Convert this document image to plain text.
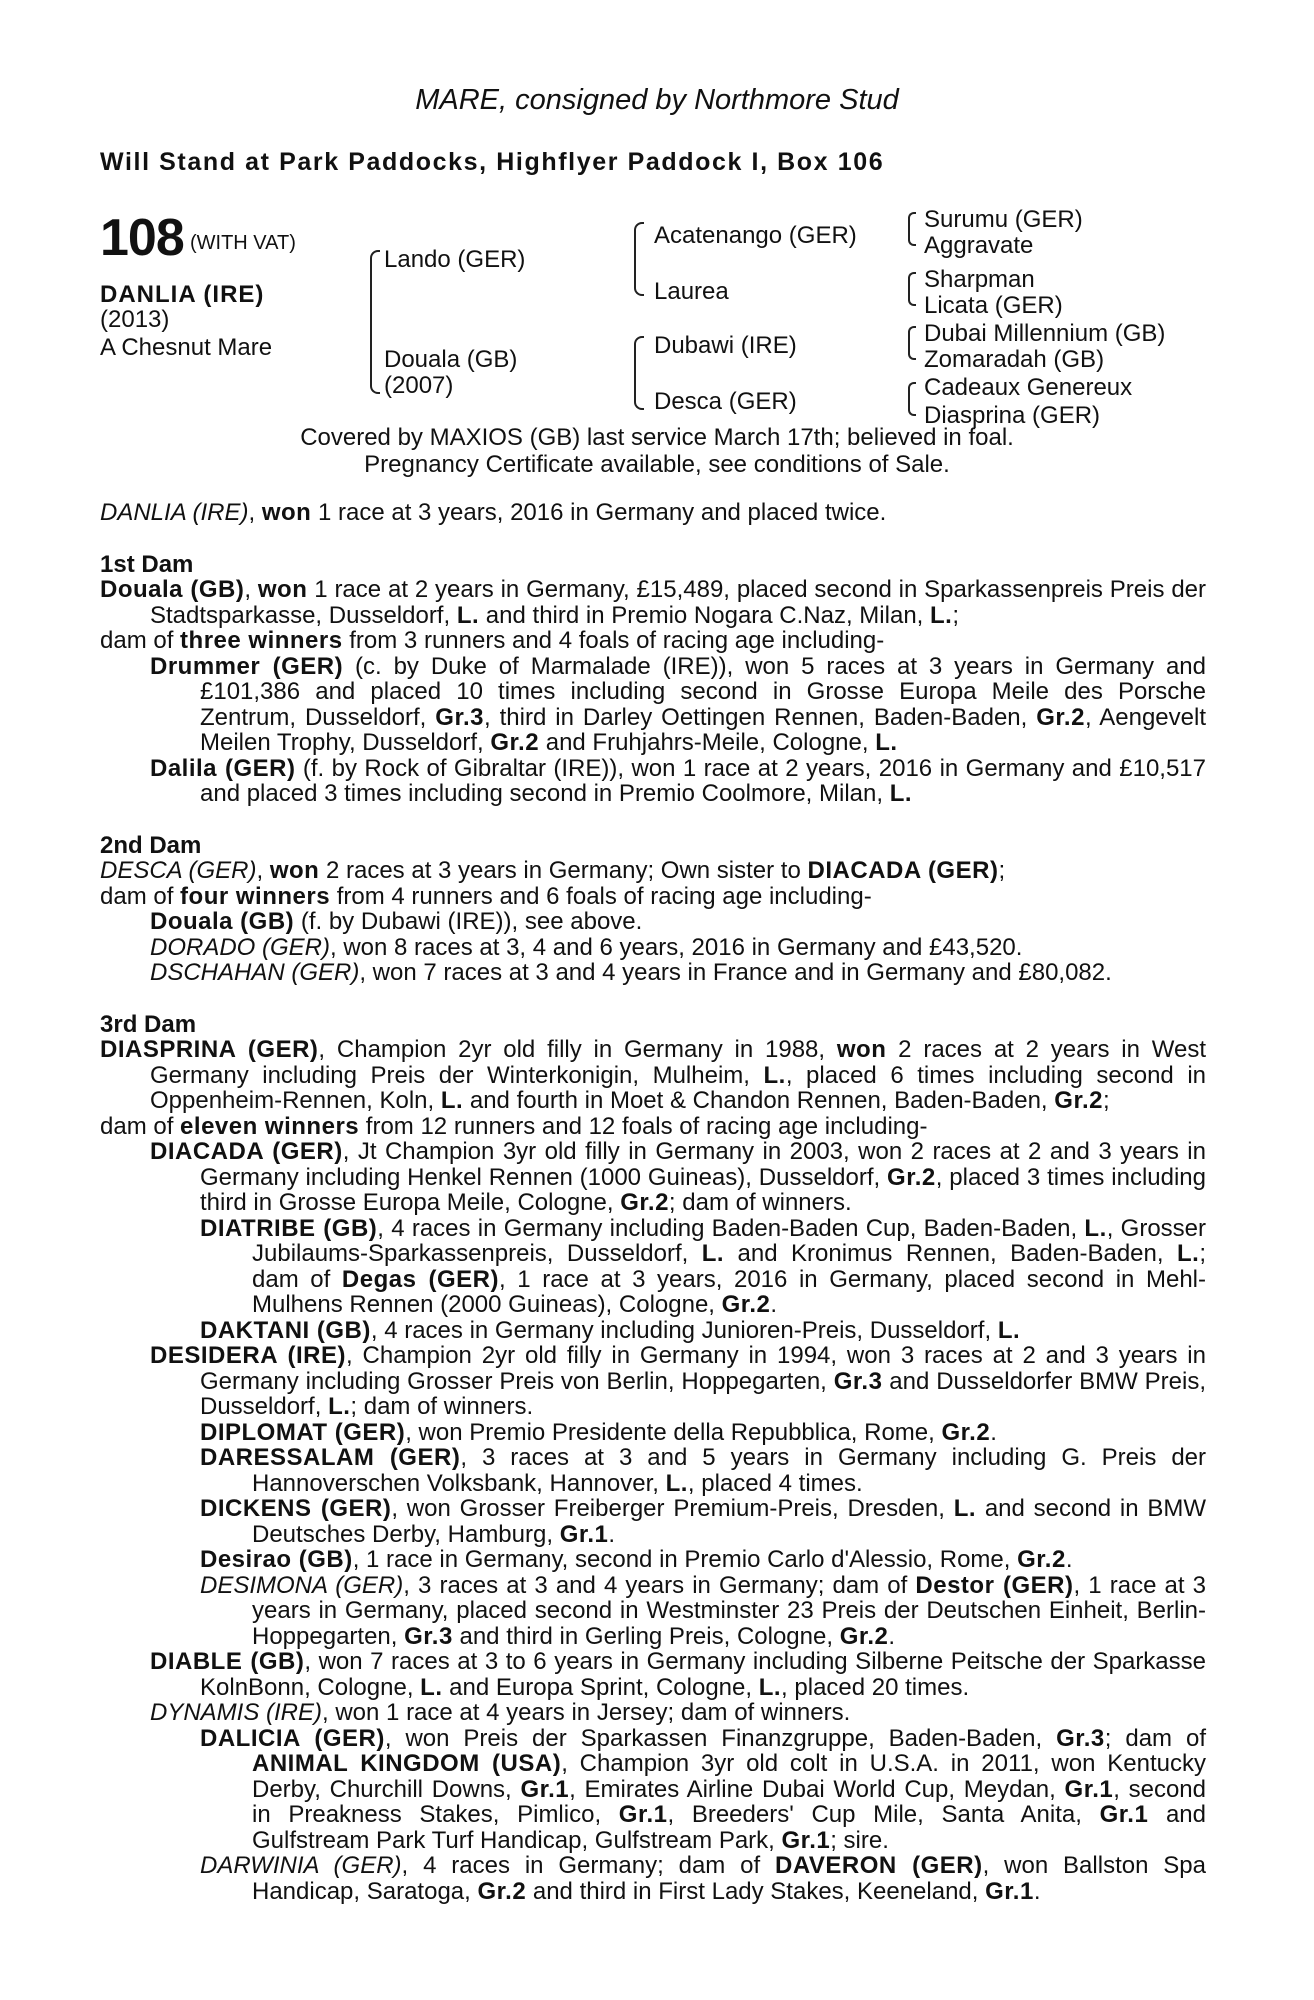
MARE, consigned by Northmore Stud
Will Stand at Park Paddocks, Highflyer Paddock I, Box 106
108 (WITH VAT)
DANLIA (IRE)
(2013)
A Chesnut Mare
Lando (GER)
Douala (GB)
(2007)
Acatenango (GER)
Laurea
Dubawi (IRE)
Desca (GER)
Surumu (GER)
Aggravate
Sharpman
Licata (GER)
Dubai Millennium (GB)
Zomaradah (GB)
Cadeaux Genereux
Diasprina (GER)
Covered by MAXIOS (GB) last service March 17th; believed in foal.
Pregnancy Certificate available, see conditions of Sale.

DANLIA (IRE), won 1 race at 3 years, 2016 in Germany and placed twice.

1st Dam

Douala (GB), won 1 race at 2 years in Germany, £15,489, placed second in Sparkassenpreis Preis der Stadtsparkasse, Dusseldorf, L. and third in Premio Nogara C.Naz, Milan, L.;

dam of three winners from 3 runners and 4 foals of racing age including-

Drummer (GER) (c. by Duke of Marmalade (IRE)), won 5 races at 3 years in Germany and £101,386 and placed 10 times including second in Grosse Europa Meile des Porsche Zentrum, Dusseldorf, Gr.3, third in Darley Oettingen Rennen, Baden-Baden, Gr.2, Aengevelt Meilen Trophy, Dusseldorf, Gr.2 and Fruhjahrs-Meile, Cologne, L.

Dalila (GER) (f. by Rock of Gibraltar (IRE)), won 1 race at 2 years, 2016 in Germany and £10,517 and placed 3 times including second in Premio Coolmore, Milan, L.

2nd Dam

DESCA (GER), won 2 races at 3 years in Germany; Own sister to DIACADA (GER);

dam of four winners from 4 runners and 6 foals of racing age including-

Douala (GB) (f. by Dubawi (IRE)), see above.

DORADO (GER), won 8 races at 3, 4 and 6 years, 2016 in Germany and £43,520.

DSCHAHAN (GER), won 7 races at 3 and 4 years in France and in Germany and £80,082.

3rd Dam

DIASPRINA (GER), Champion 2yr old filly in Germany in 1988, won 2 races at 2 years in West Germany including Preis der Winterkonigin, Mulheim, L., placed 6 times including second in Oppenheim-Rennen, Koln, L. and fourth in Moet & Chandon Rennen, Baden-Baden, Gr.2;

dam of eleven winners from 12 runners and 12 foals of racing age including-

DIACADA (GER), Jt Champion 3yr old filly in Germany in 2003, won 2 races at 2 and 3 years in Germany including Henkel Rennen (1000 Guineas), Dusseldorf, Gr.2, placed 3 times including third in Grosse Europa Meile, Cologne, Gr.2; dam of winners.

DIATRIBE (GB), 4 races in Germany including Baden-Baden Cup, Baden-Baden, L., Grosser Jubilaums-Sparkassenpreis, Dusseldorf, L. and Kronimus Rennen, Baden-Baden, L.; dam of Degas (GER), 1 race at 3 years, 2016 in Germany, placed second in Mehl-Mulhens Rennen (2000 Guineas), Cologne, Gr.2.

DAKTANI (GB), 4 races in Germany including Junioren-Preis, Dusseldorf, L.

DESIDERA (IRE), Champion 2yr old filly in Germany in 1994, won 3 races at 2 and 3 years in Germany including Grosser Preis von Berlin, Hoppegarten, Gr.3 and Dusseldorfer BMW Preis, Dusseldorf, L.; dam of winners.

DIPLOMAT (GER), won Premio Presidente della Repubblica, Rome, Gr.2.

DARESSALAM (GER), 3 races at 3 and 5 years in Germany including G. Preis der Hannoverschen Volksbank, Hannover, L., placed 4 times.

DICKENS (GER), won Grosser Freiberger Premium-Preis, Dresden, L. and second in BMW Deutsches Derby, Hamburg, Gr.1.

Desirao (GB), 1 race in Germany, second in Premio Carlo d'Alessio, Rome, Gr.2.

DESIMONA (GER), 3 races at 3 and 4 years in Germany; dam of Destor (GER), 1 race at 3 years in Germany, placed second in Westminster 23 Preis der Deutschen Einheit, Berlin-Hoppegarten, Gr.3 and third in Gerling Preis, Cologne, Gr.2.

DIABLE (GB), won 7 races at 3 to 6 years in Germany including Silberne Peitsche der Sparkasse KolnBonn, Cologne, L. and Europa Sprint, Cologne, L., placed 20 times.

DYNAMIS (IRE), won 1 race at 4 years in Jersey; dam of winners.

DALICIA (GER), won Preis der Sparkassen Finanzgruppe, Baden-Baden, Gr.3; dam of ANIMAL KINGDOM (USA), Champion 3yr old colt in U.S.A. in 2011, won Kentucky Derby, Churchill Downs, Gr.1, Emirates Airline Dubai World Cup, Meydan, Gr.1, second in Preakness Stakes, Pimlico, Gr.1, Breeders' Cup Mile, Santa Anita, Gr.1 and Gulfstream Park Turf Handicap, Gulfstream Park, Gr.1; sire.

DARWINIA (GER), 4 races in Germany; dam of DAVERON (GER), won Ballston Spa Handicap, Saratoga, Gr.2 and third in First Lady Stakes, Keeneland, Gr.1.
